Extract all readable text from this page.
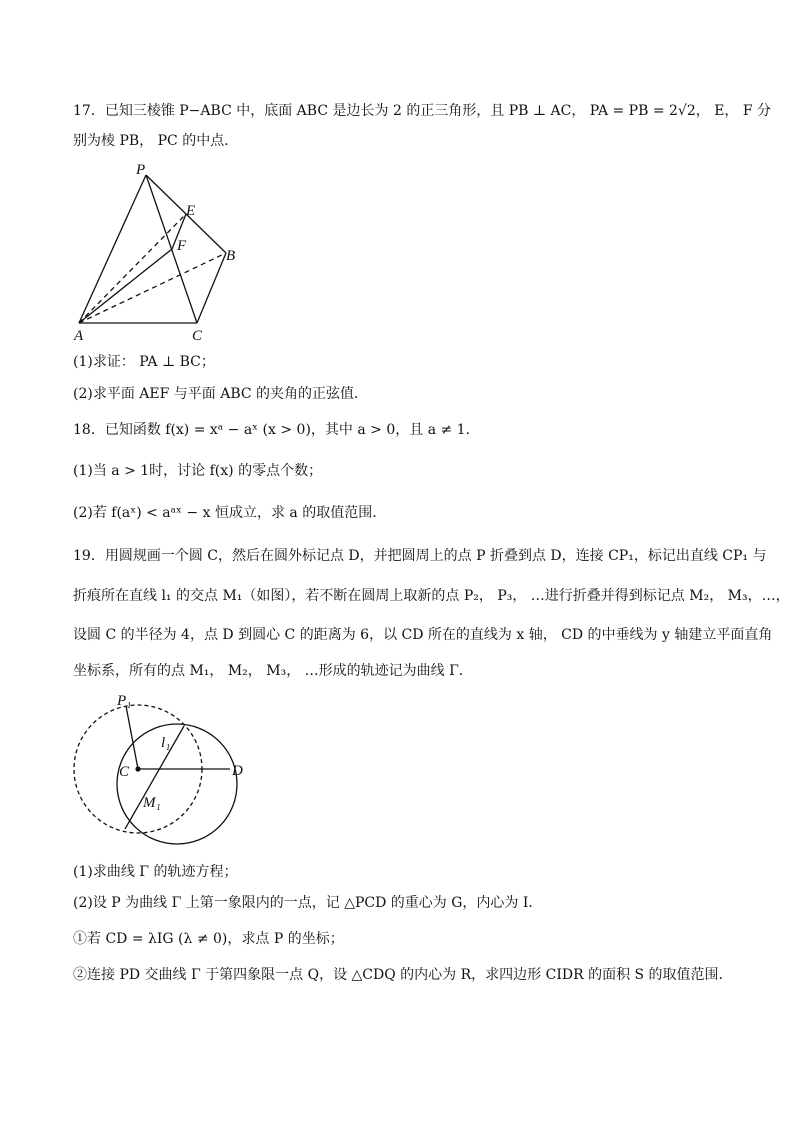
17．已知三棱锥 P−ABC 中，底面 ABC 是边长为 2 的正三角形，且 PB ⊥ AC， PA = PB = 2√2， E， F 分
别为棱 PB， PC 的中点．
P
E
F
B
A	C
(1)求证： PA ⊥ BC；
(2)求平面 AEF 与平面 ABC 的夹角的正弦值．
18．已知函数 f(x) = xᵃ − aˣ (x > 0)，其中 a > 0，且 a ≠ 1．
(1)当 a > 1时，讨论 f(x) 的零点个数；
(2)若 f(aˣ) < aᵃˣ − x 恒成立，求 a 的取值范围．
19．用圆规画一个圆 C，然后在圆外标记点 D，并把圆周上的点 P 折叠到点 D，连接 CP₁，标记出直线 CP₁ 与
折痕所在直线 l₁ 的交点 M₁（如图），若不断在圆周上取新的点 P₂， P₃， …进行折叠并得到标记点 M₂， M₃，…，
设圆 C 的半径为 4，点 D 到圆心 C 的距离为 6，以 CD 所在的直线为 x 轴， CD 的中垂线为 y 轴建立平面直角
坐标系，所有的点 M₁， M₂， M₃， …形成的轨迹记为曲线 Γ．
P₁
l₁
C	D
M₁
(1)求曲线 Γ 的轨迹方程；
(2)设 P 为曲线 Γ 上第一象限内的一点，记 △PCD 的重心为 G，内心为 I．
①若 CD = λIG (λ ≠ 0)，求点 P 的坐标；
②连接 PD 交曲线 Γ 于第四象限一点 Q，设 △CDQ 的内心为 R，求四边形 CIDR 的面积 S 的取值范围．
